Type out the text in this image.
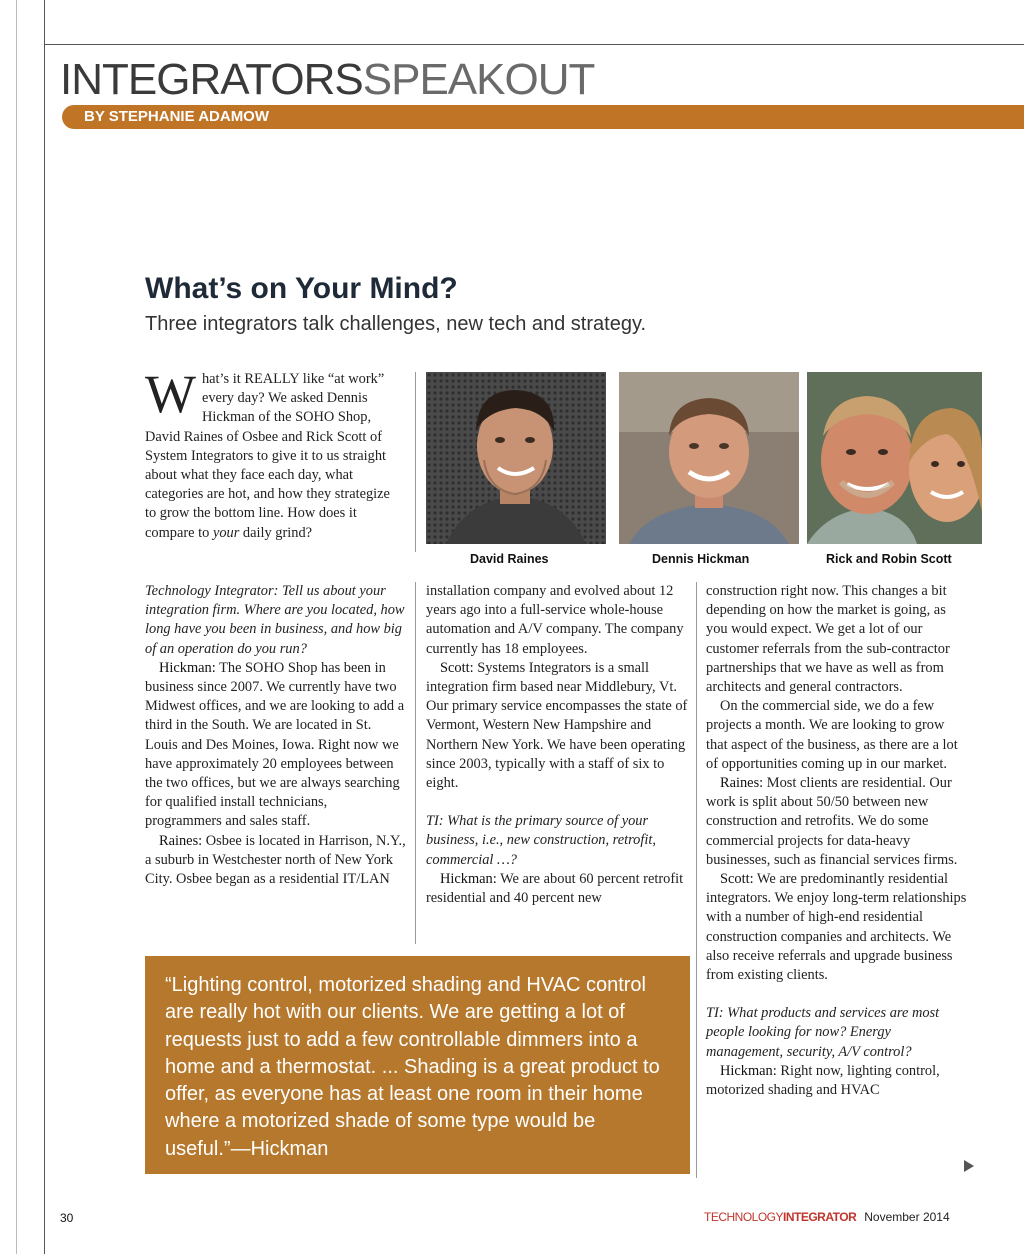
INTEGRATORSSPEAKOUT
BY STEPHANIE ADAMOW
What’s on Your Mind?
Three integrators talk challenges, new tech and strategy.
What’s it REALLY like “at work” every day? We asked Dennis Hickman of the SOHO Shop, David Raines of Osbee and Rick Scott of System Integrators to give it to us straight about what they face each day, what categories are hot, and how they strategize to grow the bottom line. How does it compare to your daily grind?
David Raines	Dennis Hickman	Rick and Robin Scott

Technology Integrator: Tell us about your integration firm. Where are you located, how long have you been in business, and how big of an operation do you run?

Hickman: The SOHO Shop has been in business since 2007. We currently have two Midwest offices, and we are looking to add a third in the South. We are located in St. Louis and Des Moines, Iowa. Right now we have approximately 20 employees between the two offices, but we are always searching for qualified install technicians, programmers and sales staff.

Raines: Osbee is located in Harrison, N.Y., a suburb in Westchester north of New York City. Osbee began as a residential IT/LAN

installation company and evolved about 12 years ago into a full-service whole-house automation and A/V company. The company currently has 18 employees.

Scott: Systems Integrators is a small integration firm based near Middlebury, Vt. Our primary service encompasses the state of Vermont, Western New Hampshire and Northern New York. We have been operating since 2003, typically with a staff of six to eight.

TI: What is the primary source of your business, i.e., new construction, retrofit, commercial …?

Hickman: We are about 60 percent retrofit residential and 40 percent new

construction right now. This changes a bit depending on how the market is going, as you would expect. We get a lot of our customer referrals from the sub-contractor partnerships that we have as well as from architects and general contractors.

On the commercial side, we do a few projects a month. We are looking to grow that aspect of the business, as there are a lot of opportunities coming up in our market.

Raines: Most clients are residential. Our work is split about 50/50 between new construction and retrofits. We do some commercial projects for data-heavy businesses, such as financial services firms.

Scott: We are predominantly residential integrators. We enjoy long-term relationships with a number of high-end residential construction companies and architects. We also receive referrals and upgrade business from existing clients.

TI: What products and services are most people looking for now? Energy management, security, A/V control?

Hickman: Right now, lighting control, motorized shading and HVAC

“Lighting control, motorized shading and HVAC control are really hot with our clients. We are getting a lot of requests just to add a few controllable dimmers into a home and a thermostat. ... Shading is a great product to offer, as everyone has at least one room in their home where a motorized shade of some type would be useful.”—Hickman

30	TECHNOLOGYINTEGRATOR November 2014
